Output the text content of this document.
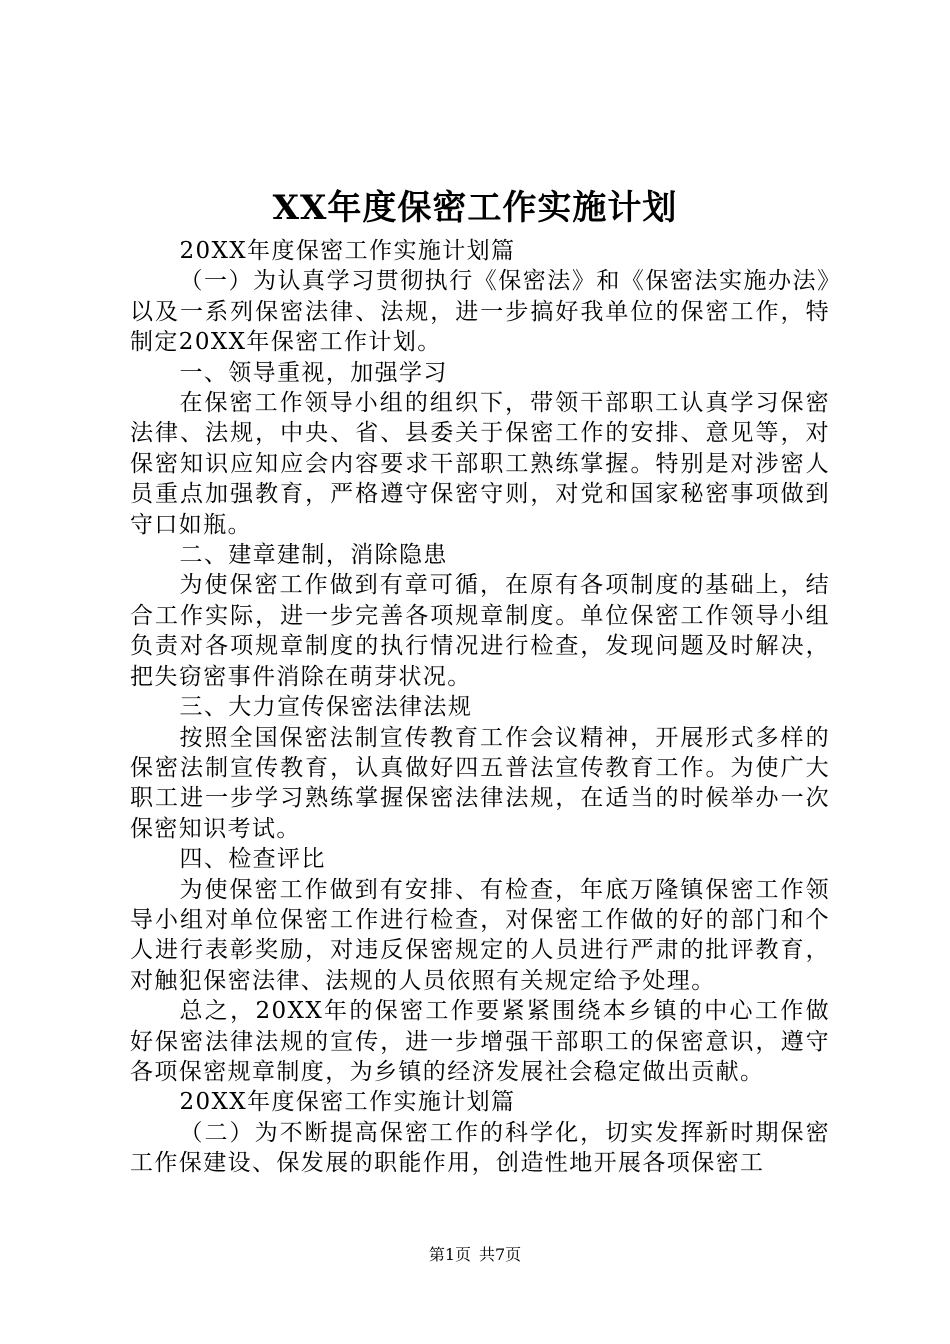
XX年度保密工作实施计划

20XX年度保密工作实施计划篇

（一）为认真学习贯彻执行《保密法》和《保密法实施办法》以及一系列保密法律、法规，进一步搞好我单位的保密工作，特制定20XX年保密工作计划。

一、领导重视，加强学习

在保密工作领导小组的组织下，带领干部职工认真学习保密法律、法规，中央、省、县委关于保密工作的安排、意见等，对保密知识应知应会内容要求干部职工熟练掌握。特别是对涉密人员重点加强教育，严格遵守保密守则，对党和国家秘密事项做到守口如瓶。

二、建章建制，消除隐患

为使保密工作做到有章可循，在原有各项制度的基础上，结合工作实际，进一步完善各项规章制度。单位保密工作领导小组负责对各项规章制度的执行情况进行检查，发现问题及时解决，把失窃密事件消除在萌芽状况。

三、大力宣传保密法律法规

按照全国保密法制宣传教育工作会议精神，开展形式多样的保密法制宣传教育，认真做好四五普法宣传教育工作。为使广大职工进一步学习熟练掌握保密法律法规，在适当的时候举办一次保密知识考试。

四、检查评比

为使保密工作做到有安排、有检查，年底万隆镇保密工作领导小组对单位保密工作进行检查，对保密工作做的好的部门和个人进行表彰奖励，对违反保密规定的人员进行严肃的批评教育，对触犯保密法律、法规的人员依照有关规定给予处理。

总之，20XX年的保密工作要紧紧围绕本乡镇的中心工作做好保密法律法规的宣传，进一步增强干部职工的保密意识，遵守各项保密规章制度，为乡镇的经济发展社会稳定做出贡献。

20XX年度保密工作实施计划篇

（二）为不断提高保密工作的科学化，切实发挥新时期保密工作保建设、保发展的职能作用，创造性地开展各项保密工

第1页 共7页
